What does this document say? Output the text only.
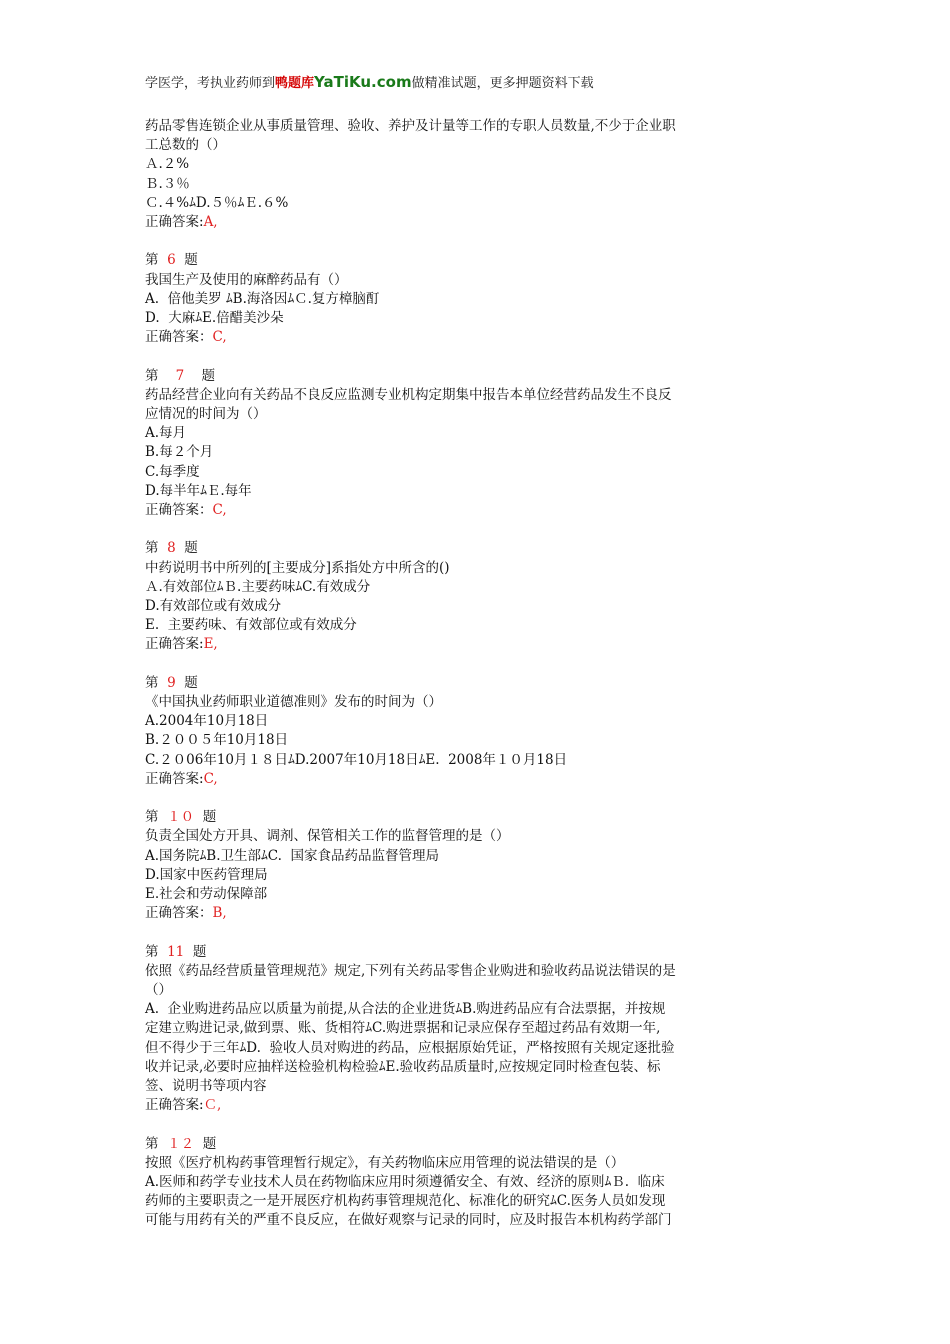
学医学，考执业药师到鸭题库YaTiKu.com做精准试题，更多押题资料下载
药品零售连锁企业从事质量管理、验收、养护及计量等工作的专职人员数量,不少于企业职
工总数的（）
Ａ.２%
Ｂ.３％
Ｃ.４%ﾑD.５％ﾑＥ.６%
正确答案:A,
第 6 题
我国生产及使用的麻醉药品有（）
A.  倍他美罗 ﾑB.海洛因ﾑＣ.复方樟脑酊
D.  大麻ﾑE.倍醋美沙朵
正确答案：C,
第 7 题
药品经营企业向有关药品不良反应监测专业机构定期集中报告本单位经营药品发生不良反
应情况的时间为（）
A.每月
B.每２个月
C.每季度
D.每半年ﾑＥ.每年
正确答案：C,
第 8 题
中药说明书中所列的[主要成分]系指处方中所含的()
Ａ.有效部位ﾑＢ.主要药味ﾑC.有效成分
D.有效部位或有效成分
E.  主要药味、有效部位或有效成分
正确答案:E,
第 9 题
《中国执业药师职业道德准则》发布的时间为（）
A.2004年10月18日
B.２００５年10月18日
C.２０06年10月１８日ﾑD.2007年10月18日ﾑE.  2008年１０月18日
正确答案:C,
第 １０ 题
负责全国处方开具、调剂、保管相关工作的监督管理的是（）
A.国务院ﾑB.卫生部ﾑC.  国家食品药品监督管理局
D.国家中医药管理局
E.社会和劳动保障部
正确答案：B,
第 11 题
依照《药品经营质量管理规范》规定,下列有关药品零售企业购进和验收药品说法错误的是
（）
A.  企业购进药品应以质量为前提,从合法的企业进货ﾑB.购进药品应有合法票据，并按规
定建立购进记录,做到票、账、货相符ﾑC.购进票据和记录应保存至超过药品有效期一年,
但不得少于三年ﾑD.  验收人员对购进的药品，应根据原始凭证，严格按照有关规定逐批验
收并记录,必要时应抽样送检验机构检验ﾑE.验收药品质量时,应按规定同时检查包装、标
签、说明书等项内容
正确答案:Ｃ,
第 １２ 题
按照《医疗机构药事管理暂行规定》，有关药物临床应用管理的说法错误的是（）
A.医师和药学专业技术人员在药物临床应用时须遵循安全、有效、经济的原则ﾑＢ.  临床
药师的主要职责之一是开展医疗机构药事管理规范化、标准化的研究ﾑC.医务人员如发现
可能与用药有关的严重不良反应，在做好观察与记录的同时，应及时报告本机构药学部门
